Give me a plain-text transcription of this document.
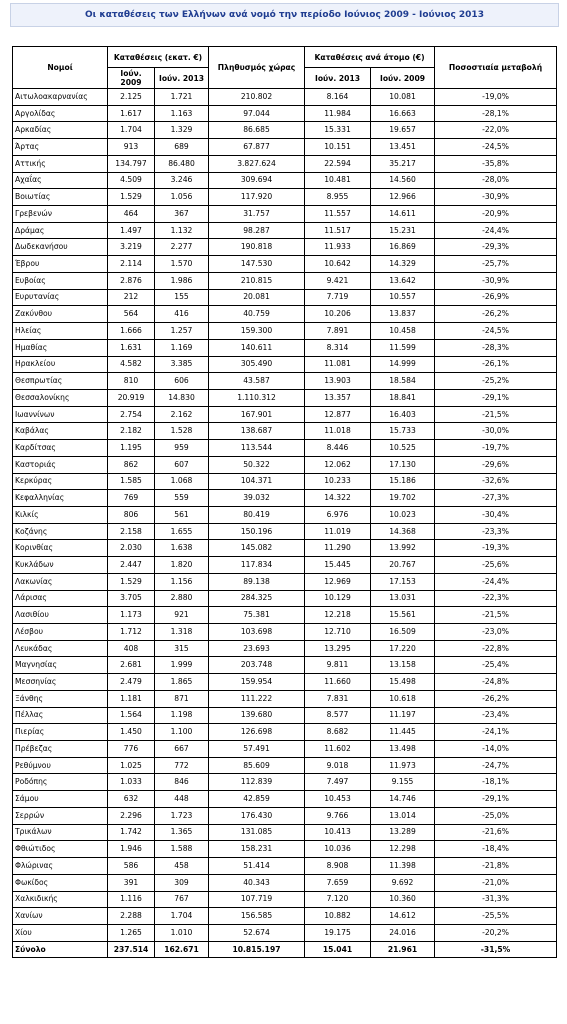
Οι καταθέσεις των Ελλήνων ανά νομό την περίοδο Ιούνιος 2009 - Ιούνιος 2013
Νομοί	Καταθέσεις (εκατ. €)		Πληθυσμός χώρας	Καταθέσεις ανά άτομο (€)		Ποσοστιαία μεταβολή
	Ιούν. 2009	Ιούν. 2013		Ιούν. 2013	Ιούν. 2009	
Αιτωλοακαρνανίας	2.125	1.721	210.802	8.164	10.081	-19,0%
Αργολίδας	1.617	1.163	97.044	11.984	16.663	-28,1%
Αρκαδίας	1.704	1.329	86.685	15.331	19.657	-22,0%
Άρτας	913	689	67.877	10.151	13.451	-24,5%
Αττικής	134.797	86.480	3.827.624	22.594	35.217	-35,8%
Αχαΐας	4.509	3.246	309.694	10.481	14.560	-28,0%
Βοιωτίας	1.529	1.056	117.920	8.955	12.966	-30,9%
Γρεβενών	464	367	31.757	11.557	14.611	-20,9%
Δράμας	1.497	1.132	98.287	11.517	15.231	-24,4%
Δωδεκανήσου	3.219	2.277	190.818	11.933	16.869	-29,3%
Έβρου	2.114	1.570	147.530	10.642	14.329	-25,7%
Ευβοίας	2.876	1.986	210.815	9.421	13.642	-30,9%
Ευρυτανίας	212	155	20.081	7.719	10.557	-26,9%
Ζακύνθου	564	416	40.759	10.206	13.837	-26,2%
Ηλείας	1.666	1.257	159.300	7.891	10.458	-24,5%
Ημαθίας	1.631	1.169	140.611	8.314	11.599	-28,3%
Ηρακλείου	4.582	3.385	305.490	11.081	14.999	-26,1%
Θεσπρωτίας	810	606	43.587	13.903	18.584	-25,2%
Θεσσαλονίκης	20.919	14.830	1.110.312	13.357	18.841	-29,1%
Ιωαννίνων	2.754	2.162	167.901	12.877	16.403	-21,5%
Καβάλας	2.182	1.528	138.687	11.018	15.733	-30,0%
Καρδίτσας	1.195	959	113.544	8.446	10.525	-19,7%
Καστοριάς	862	607	50.322	12.062	17.130	-29,6%
Κερκύρας	1.585	1.068	104.371	10.233	15.186	-32,6%
Κεφαλληνίας	769	559	39.032	14.322	19.702	-27,3%
Κιλκίς	806	561	80.419	6.976	10.023	-30,4%
Κοζάνης	2.158	1.655	150.196	11.019	14.368	-23,3%
Κορινθίας	2.030	1.638	145.082	11.290	13.992	-19,3%
Κυκλάδων	2.447	1.820	117.834	15.445	20.767	-25,6%
Λακωνίας	1.529	1.156	89.138	12.969	17.153	-24,4%
Λάρισας	3.705	2.880	284.325	10.129	13.031	-22,3%
Λασιθίου	1.173	921	75.381	12.218	15.561	-21,5%
Λέσβου	1.712	1.318	103.698	12.710	16.509	-23,0%
Λευκάδας	408	315	23.693	13.295	17.220	-22,8%
Μαγνησίας	2.681	1.999	203.748	9.811	13.158	-25,4%
Μεσσηνίας	2.479	1.865	159.954	11.660	15.498	-24,8%
Ξάνθης	1.181	871	111.222	7.831	10.618	-26,2%
Πέλλας	1.564	1.198	139.680	8.577	11.197	-23,4%
Πιερίας	1.450	1.100	126.698	8.682	11.445	-24,1%
Πρέβεζας	776	667	57.491	11.602	13.498	-14,0%
Ρεθύμνου	1.025	772	85.609	9.018	11.973	-24,7%
Ροδόπης	1.033	846	112.839	7.497	9.155	-18,1%
Σάμου	632	448	42.859	10.453	14.746	-29,1%
Σερρών	2.296	1.723	176.430	9.766	13.014	-25,0%
Τρικάλων	1.742	1.365	131.085	10.413	13.289	-21,6%
Φθιώτιδος	1.946	1.588	158.231	10.036	12.298	-18,4%
Φλώρινας	586	458	51.414	8.908	11.398	-21,8%
Φωκίδος	391	309	40.343	7.659	9.692	-21,0%
Χαλκιδικής	1.116	767	107.719	7.120	10.360	-31,3%
Χανίων	2.288	1.704	156.585	10.882	14.612	-25,5%
Χίου	1.265	1.010	52.674	19.175	24.016	-20,2%
Σύνολο	237.514	162.671	10.815.197	15.041	21.961	-31,5%
